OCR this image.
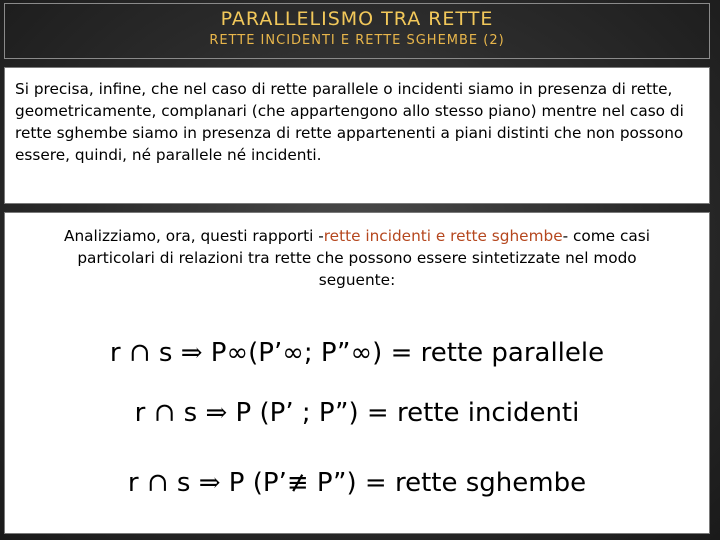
PARALLELISMO TRA RETTE
RETTE INCIDENTI E RETTE SGHEMBE (2)
Si precisa, infine, che nel caso di rette parallele o incidenti siamo in presenza di rette, geometricamente, complanari (che appartengono allo stesso piano) mentre nel caso di rette sghembe siamo in presenza di rette appartenenti a piani distinti che non possono essere, quindi, né parallele né incidenti.
Analizziamo, ora, questi rapporti -rette incidenti e rette sghembe- come casi particolari di relazioni tra rette che possono essere sintetizzate nel modo seguente:
r ∩ s ⇒ P∞(P’∞; P”∞) = rette parallele
r ∩ s ⇒ P (P’ ; P”) = rette incidenti
r ∩ s ⇒ P (P’≢ P”) = rette sghembe
